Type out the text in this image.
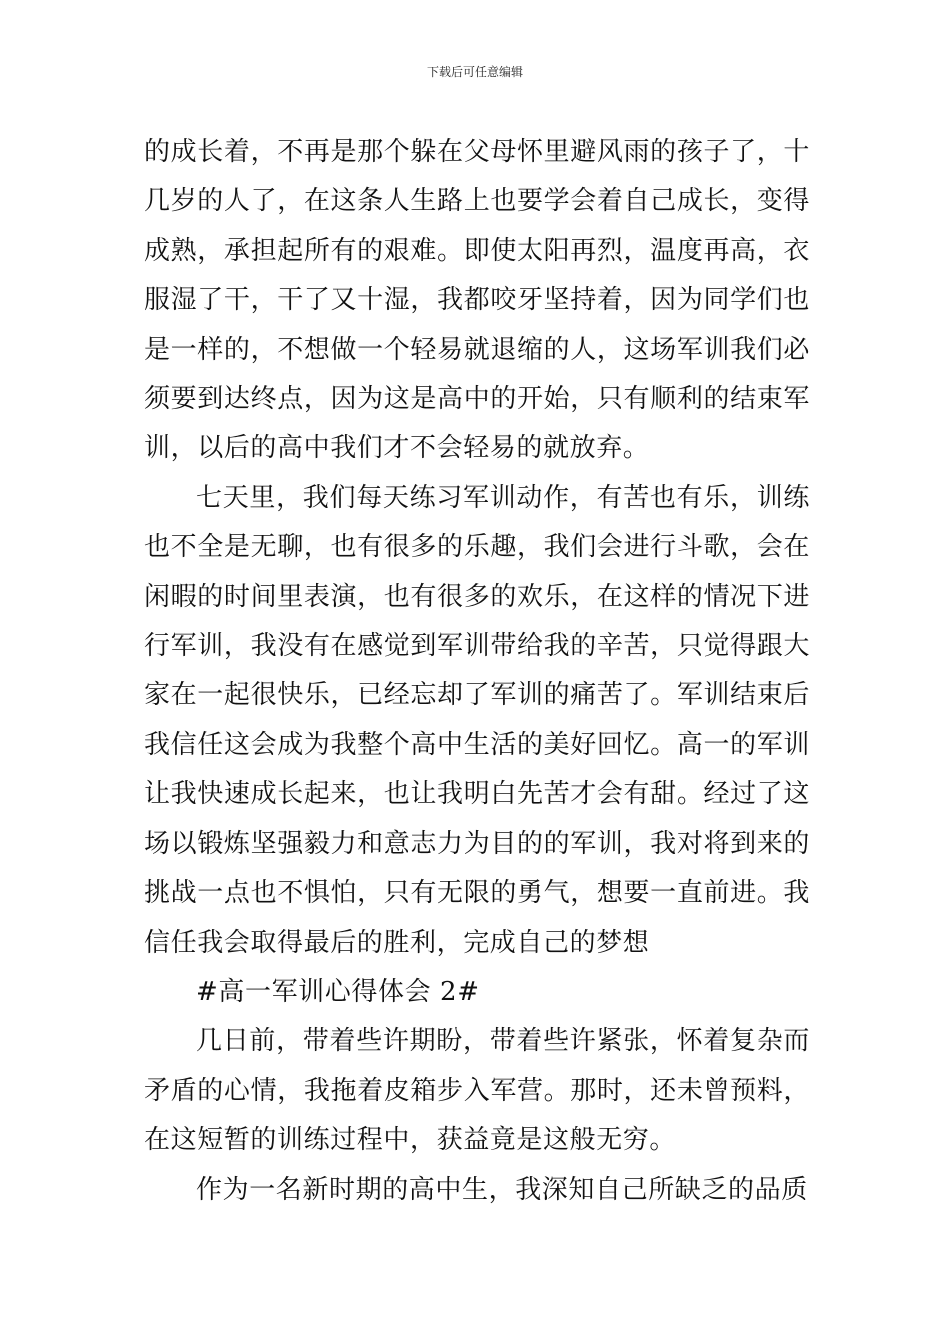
下载后可任意编辑

的成长着，不再是那个躲在父母怀里避风雨的孩子了，十几岁的人了，在这条人生路上也要学会着自己成长，变得成熟，承担起所有的艰难。即使太阳再烈，温度再高，衣服湿了干，干了又十湿，我都咬牙坚持着，因为同学们也是一样的，不想做一个轻易就退缩的人，这场军训我们必须要到达终点，因为这是高中的开始，只有顺利的结束军训，以后的高中我们才不会轻易的就放弃。

七天里，我们每天练习军训动作，有苦也有乐，训练也不全是无聊，也有很多的乐趣，我们会进行斗歌，会在闲暇的时间里表演，也有很多的欢乐，在这样的情况下进行军训，我没有在感觉到军训带给我的辛苦，只觉得跟大家在一起很快乐，已经忘却了军训的痛苦了。军训结束后我信任这会成为我整个高中生活的美好回忆。高一的军训让我快速成长起来，也让我明白先苦才会有甜。经过了这场以锻炼坚强毅力和意志力为目的的军训，我对将到来的挑战一点也不惧怕，只有无限的勇气，想要一直前进。我信任我会取得最后的胜利，完成自己的梦想

#高一军训心得体会 2#

几日前，带着些许期盼，带着些许紧张，怀着复杂而矛盾的心情，我拖着皮箱步入军营。那时，还未曾预料，在这短暂的训练过程中，获益竟是这般无穷。

作为一名新时期的高中生，我深知自己所缺乏的品质
